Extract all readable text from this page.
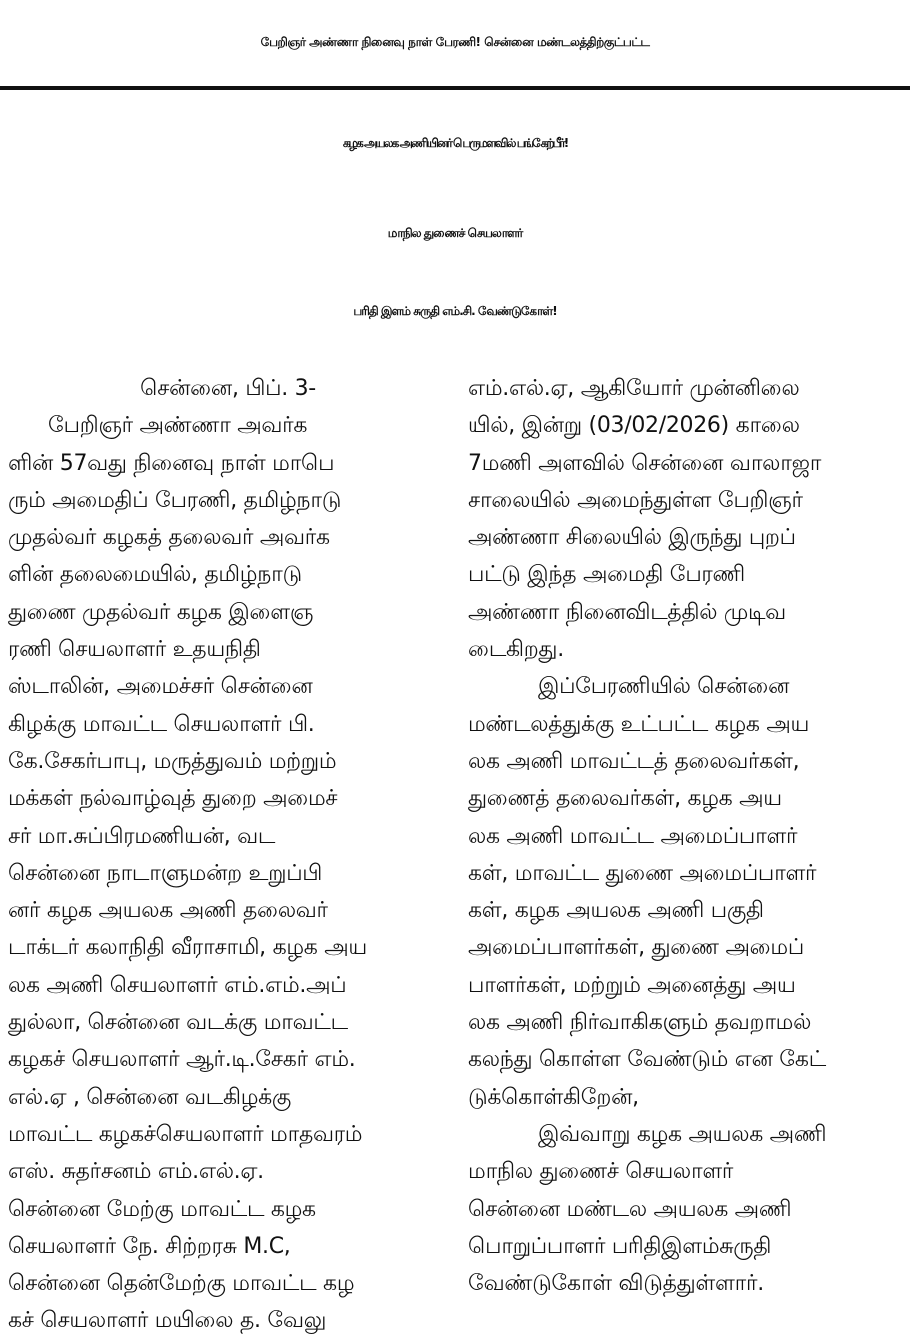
பேறிஞர் அண்ணா நினைவு நாள் பேரணி! சென்னை மண்டலத்திற்குட்பட்ட
கழக அயலக அணியினர் பெருமளவில் பங்கேற்பீர்!
மாநில துணைச் செயலாளர்
பரிதி இளம் சுருதி எம்.சி. வேண்டுகோள்!
சென்னை, பிப். 3-
பேறிஞர் அண்ணா அவர்க
ளின் 57வது நினைவு நாள் மாபெ
ரும் அமைதிப் பேரணி, தமிழ்நாடு
முதல்வர் கழகத் தலைவர் அவர்க
ளின் தலைமையில், தமிழ்நாடு
துணை முதல்வர் கழக இளைஞ
ரணி செயலாளர் உதயநிதி
ஸ்டாலின், அமைச்சர் சென்னை
கிழக்கு மாவட்ட செயலாளர் பி.
கே.சேகர்பாபு, மருத்துவம் மற்றும்
மக்கள் நல்வாழ்வுத் துறை அமைச்
சர் மா.சுப்பிரமணியன், வட
சென்னை நாடாளுமன்ற உறுப்பி
னர் கழக அயலக அணி தலைவர்
டாக்டர் கலாநிதி வீராசாமி, கழக அய
லக அணி செயலாளர் எம்.எம்.அப்
துல்லா, சென்னை வடக்கு மாவட்ட
கழகச் செயலாளர் ஆர்.டி.சேகர் எம்.
எல்.ஏ , சென்னை வடகிழக்கு
மாவட்ட கழகச்செயலாளர் மாதவரம்
எஸ். சுதர்சனம் எம்.எல்.ஏ.
சென்னை மேற்கு மாவட்ட கழக
செயலாளர் நே. சிற்றரசு M.C,
சென்னை தென்மேற்கு மாவட்ட கழ
கச் செயலாளர் மயிலை த. வேலு
எம்.எல்.ஏ, ஆகியோர் முன்னிலை
யில், இன்று (03/02/2026) காலை
7மணி அளவில் சென்னை வாலாஜா
சாலையில் அமைந்துள்ள பேறிஞர்
அண்ணா சிலையில் இருந்து புறப்
பட்டு இந்த அமைதி பேரணி
அண்ணா நினைவிடத்தில் முடிவ
டைகிறது.
இப்பேரணியில் சென்னை
மண்டலத்துக்கு உட்பட்ட கழக அய
லக அணி மாவட்டத் தலைவர்கள்,
துணைத் தலைவர்கள், கழக அய
லக அணி மாவட்ட அமைப்பாளர்
கள், மாவட்ட துணை அமைப்பாளர்
கள், கழக அயலக அணி பகுதி
அமைப்பாளர்கள், துணை அமைப்
பாளர்கள், மற்றும் அனைத்து அய
லக அணி நிர்வாகிகளும் தவறாமல்
கலந்து கொள்ள வேண்டும் என கேட்
டுக்கொள்கிறேன்,
இவ்வாறு கழக அயலக அணி
மாநில துணைச் செயலாளர்
சென்னை மண்டல அயலக அணி
பொறுப்பாளர் பரிதிஇளம்சுருதி
வேண்டுகோள் விடுத்துள்ளார்.
